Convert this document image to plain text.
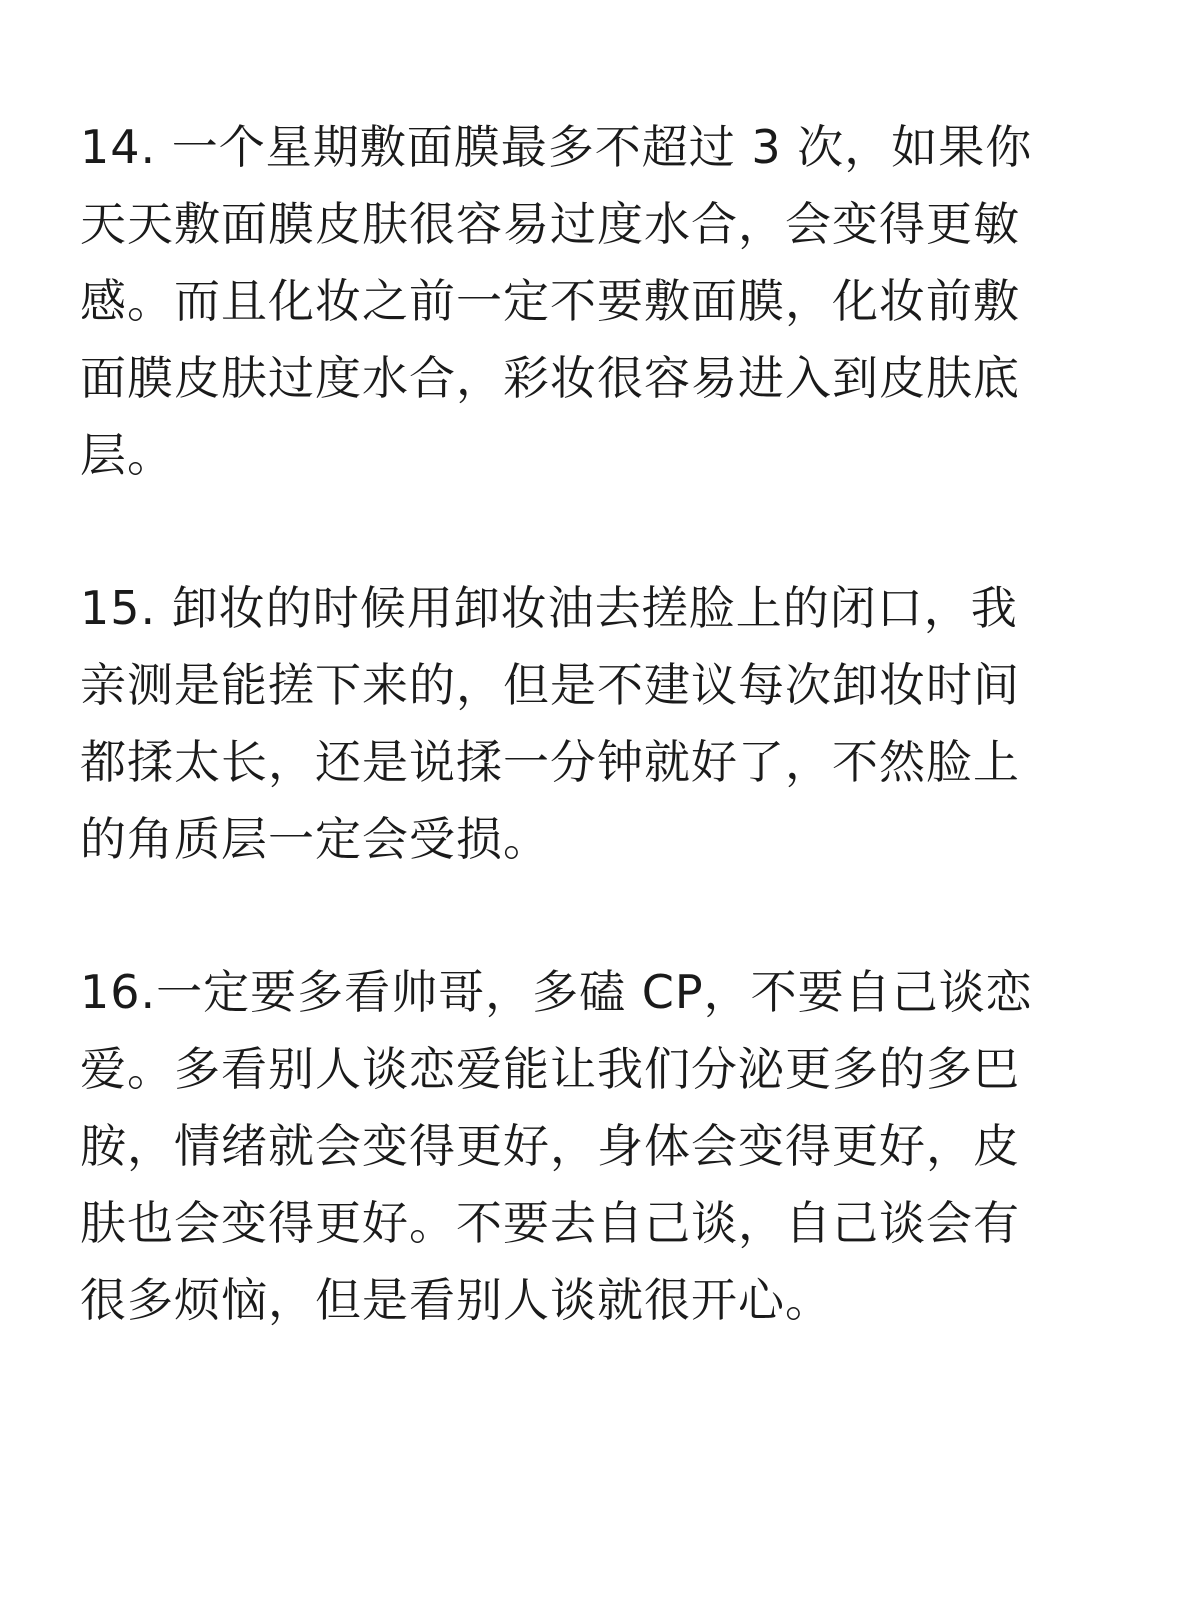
14. 一个星期敷面膜最多不超过 3 次，如果你
天天敷面膜皮肤很容易过度水合，会变得更敏
感。而且化妆之前一定不要敷面膜，化妆前敷
面膜皮肤过度水合，彩妆很容易进入到皮肤底
层。

15. 卸妆的时候用卸妆油去搓脸上的闭口，我
亲测是能搓下来的，但是不建议每次卸妆时间
都揉太长，还是说揉一分钟就好了，不然脸上
的角质层一定会受损。

16.一定要多看帅哥，多磕 CP，不要自己谈恋
爱。多看别人谈恋爱能让我们分泌更多的多巴
胺，情绪就会变得更好，身体会变得更好，皮
肤也会变得更好。不要去自己谈，自己谈会有
很多烦恼，但是看别人谈就很开心。
